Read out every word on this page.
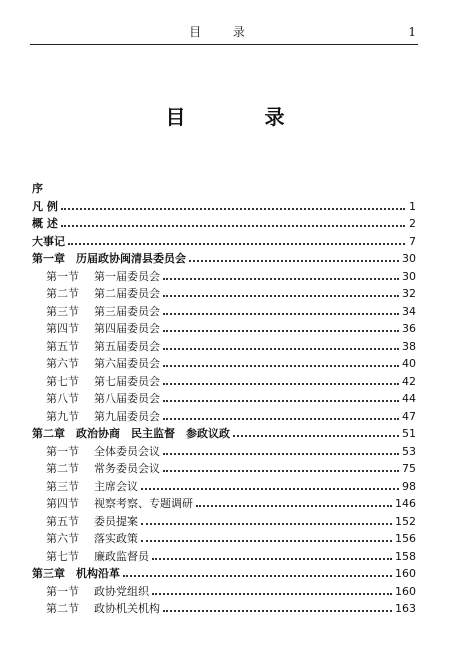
目 录	1
目 录
序
凡 例	1
概 述	2
大事记	7
第一章	历届政协闽清县委员会	30
第一节	第一届委员会	30
第二节	第二届委员会	32
第三节	第三届委员会	34
第四节	第四届委员会	36
第五节	第五届委员会	38
第六节	第六届委员会	40
第七节	第七届委员会	42
第八节	第八届委员会	44
第九节	第九届委员会	47
第二章	政治协商　民主监督　参政议政	51
第一节	全体委员会议	53
第二节	常务委员会议	75
第三节	主席会议	98
第四节	视察考察、专题调研	146
第五节	委员提案	152
第六节	落实政策	156
第七节	廉政监督员	158
第三章	机构沿革	160
第一节	政协党组织	160
第二节	政协机关机构	163
